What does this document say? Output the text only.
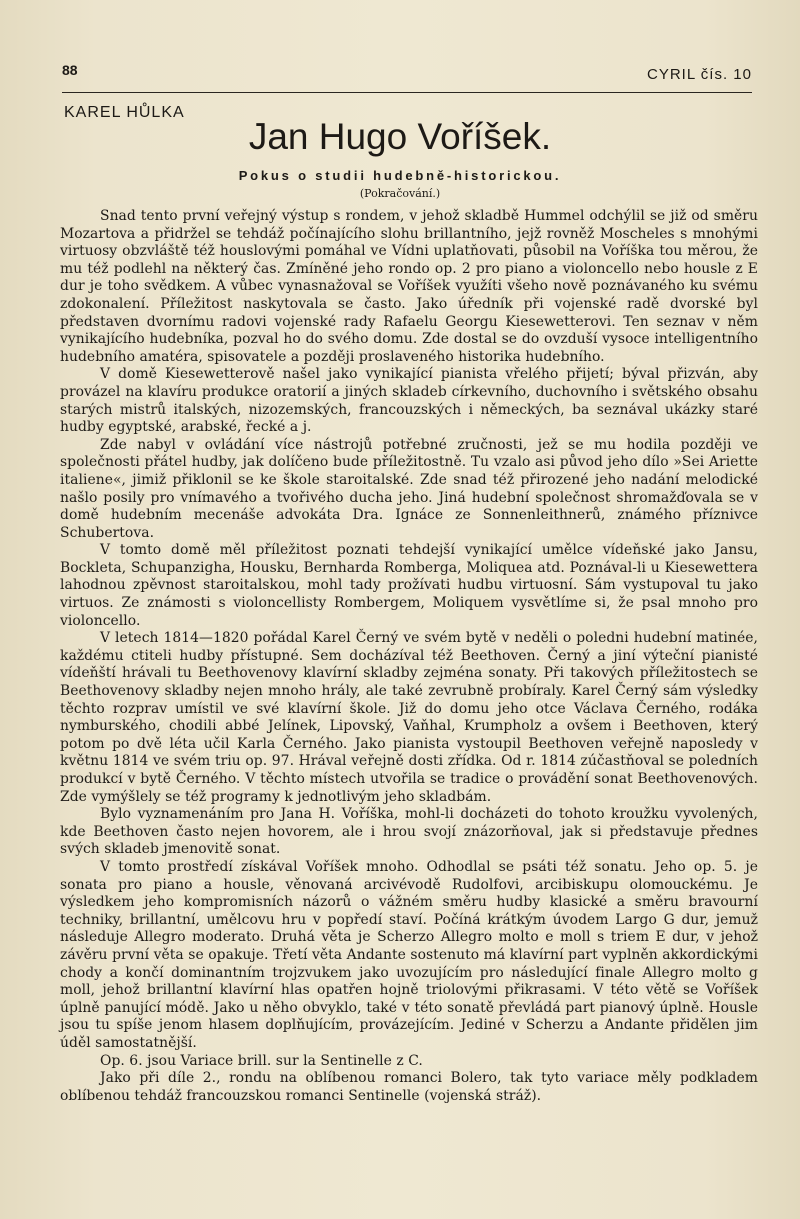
88	CYRIL čís. 10
KAREL HŮLKA
Jan Hugo Voříšek.
Pokus o studii hudebně-historickou.
(Pokračování.)

Snad tento první veřejný výstup s rondem, v jehož skladbě Hummel odchýlil se již od směru Mozartova a přidržel se tehdáž počínajícího slohu brillantního, jejž rovněž Moscheles s mnohými virtuosy obzvláště též houslovými pomáhal ve Vídni uplatňovati, působil na Voříška tou měrou, že mu též podlehl na některý čas. Zmíněné jeho rondo op. 2 pro piano a violoncello nebo housle z E dur je toho svědkem. A vůbec vynasnažoval se Voříšek využíti všeho nově poznávaného ku svému zdokonalení. Příležitost naskytovala se často. Jako úředník při vojenské radě dvorské byl představen dvornímu radovi vojenské rady Rafaelu Georgu Kiesewetterovi. Ten seznav v něm vynikajícího hudebníka, pozval ho do svého domu. Zde dostal se do ovzduší vysoce intelligentního hudebního amatéra, spisovatele a později proslaveného historika hudebního.

V domě Kiesewetterově našel jako vynikající pianista vřelého přijetí; býval přizván, aby provázel na klavíru produkce oratorií a jiných skladeb církevního, duchovního i světského obsahu starých mistrů italských, nizozemských, francouzských i německých, ba seznával ukázky staré hudby egyptské, arabské, řecké a j.

Zde nabyl v ovládání více nástrojů potřebné zručnosti, jež se mu hodila později ve společnosti přátel hudby, jak dolíčeno bude příležitostně. Tu vzalo asi původ jeho dílo »Sei Ariette italiene«, jimiž přiklonil se ke škole staroitalské. Zde snad též přirozené jeho nadání melodické našlo posily pro vnímavého a tvořivého ducha jeho. Jiná hudební společnost shromažďovala se v domě hudebním mecenáše advokáta Dra. Ignáce ze Sonnenleithnerů, známého příznivce Schubertova.

V tomto domě měl příležitost poznati tehdejší vynikající umělce vídeňské jako Jansu, Bockleta, Schupanzigha, Housku, Bernharda Romberga, Moliquea atd. Poznával-li u Kiesewettera lahodnou zpěvnost staroitalskou, mohl tady prožívati hudbu virtuosní. Sám vystupoval tu jako virtuos. Ze známosti s violoncellisty Rombergem, Moliquem vysvětlíme si, že psal mnoho pro violoncello.

V letech 1814—1820 pořádal Karel Černý ve svém bytě v neděli o poledni hudební matinée, každému ctiteli hudby přístupné. Sem docházíval též Beethoven. Černý a jiní výteční pianisté vídeňští hrávali tu Beethovenovy klavírní skladby zejména sonaty. Při takových příležitostech se Beethovenovy skladby nejen mnoho hrály, ale také zevrubně probíraly. Karel Černý sám výsledky těchto rozprav umístil ve své klavírní škole. Již do domu jeho otce Václava Černého, rodáka nymburského, chodili abbé Jelínek, Lipovský, Vaňhal, Krumpholz a ovšem i Beethoven, který potom po dvě léta učil Karla Černého. Jako pianista vystoupil Beethoven veřejně naposledy v květnu 1814 ve svém triu op. 97. Hrával veřejně dosti zřídka. Od r. 1814 zúčastňoval se poledních produkcí v bytě Černého. V těchto místech utvořila se tradice o provádění sonat Beethovenových. Zde vymýšlely se též programy k jednotlivým jeho skladbám.

Bylo vyznamenáním pro Jana H. Voříška, mohl-li docházeti do tohoto kroužku vyvolených, kde Beethoven často nejen hovorem, ale i hrou svojí znázorňoval, jak si představuje přednes svých skladeb jmenovitě sonat.

V tomto prostředí získával Voříšek mnoho. Odhodlal se psáti též sonatu. Jeho op. 5. je sonata pro piano a housle, věnovaná arcivévodě Rudolfovi, arcibiskupu olomouckému. Je výsledkem jeho kompromisních názorů o vážném směru hudby klasické a směru bravourní techniky, brillantní, umělcovu hru v popředí staví. Počíná krátkým úvodem Largo G dur, jemuž následuje Allegro moderato. Druhá věta je Scherzo Allegro molto e moll s triem E dur, v jehož závěru první věta se opakuje. Třetí věta Andante sostenuto má klavírní part vyplněn akkordickými chody a končí dominantním trojzvukem jako uvozujícím pro následující finale Allegro molto g moll, jehož brillantní klavírní hlas opatřen hojně triolovými přikrasami. V této větě se Voříšek úplně panující módě. Jako u něho obvyklo, také v této sonatě převládá part pianový úplně. Housle jsou tu spíše jenom hlasem doplňujícím, provázejícím. Jediné v Scherzu a Andante přidělen jim úděl samostatnější.

Op. 6. jsou Variace brill. sur la Sentinelle z C.

Jako při díle 2., rondu na oblíbenou romanci Bolero, tak tyto variace měly podkladem oblíbenou tehdáž francouzskou romanci Sentinelle (vojenská stráž).
